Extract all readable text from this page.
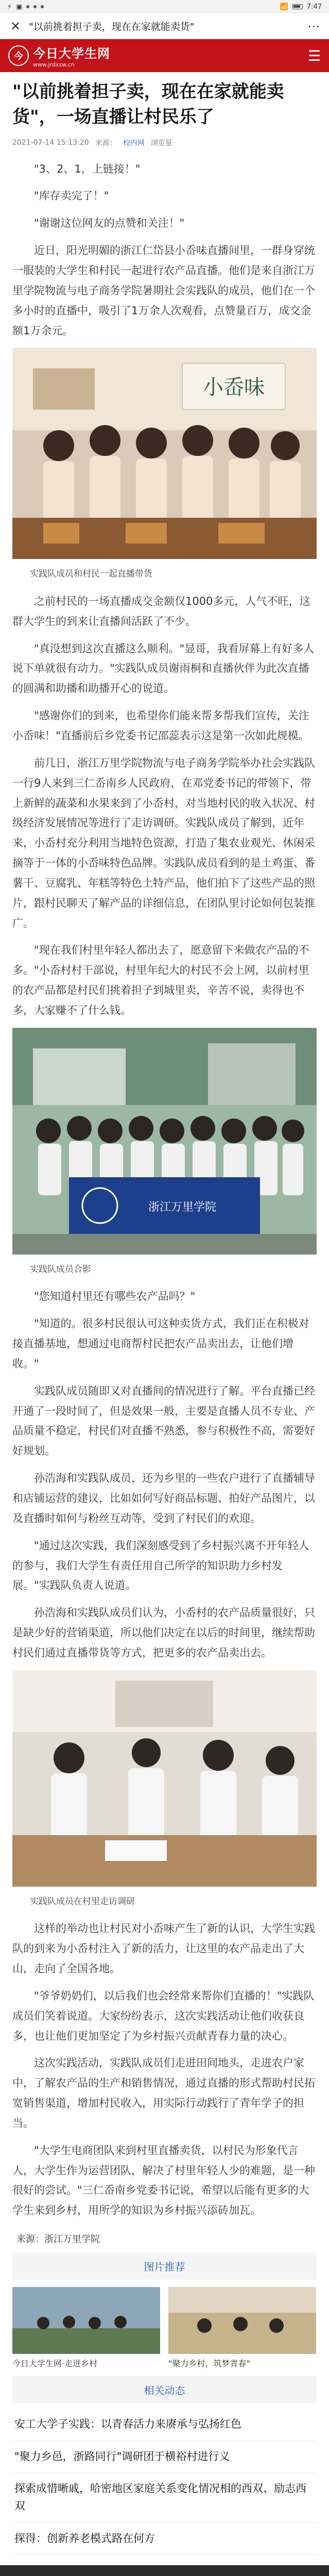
⚡ ▣	📶	7:47
✕ "以前挑着担子卖，现在在家就能卖货"	⋯
今 今日大学生网
www.jrdxsw.cn
☰
"以前挑着担子卖，现在在家就能卖货"，一场直播让村民乐了
2021-07-14 15:13:20 来源： 校内网 浏览量

"3、2、1，上链接！"

"库存卖完了！"

"谢谢这位网友的点赞和关注！"

近日，阳光明媚的浙江仁岱县小岙味直播间里，一群身穿统一服装的大学生和村民一起进行农产品直播。他们是来自浙江万里学院物流与电子商务学院暑期社会实践队的成员，他们在一个多小时的直播中，吸引了1万余人次观看，点赞量百万，成交金额1万余元。

小岙味

实践队成员和村民一起直播带货

之前村民的一场直播成交金额仅1000多元，人气不旺，这群大学生的到来让直播间活跃了不少。

"真没想到这次直播这么顺利。"显哥，我看屏幕上有好多人说下单就很有动力。"实践队成员谢雨桐和直播伙伴为此次直播的圆满和助播和助播开心的说道。

"感谢你们的到来，也希望你们能来帮多帮我们宣传，关注小岙味！"直播前后乡党委书记邵蕊表示这是第一次如此规模。

前几日，浙江万里学院物流与电子商务学院举办社会实践队一行9人来到三仁岙南乡人民政府，在邓党委书记的带领下，带上新鲜的蔬菜和水果来到了小岙村，对当地村民的收入状况、村级经济发展情况等进行了走访调研。实践队成员了解到，近年来，小岙村充分利用当地特色资源，打造了集农业观光、休闲采摘等于一体的小岙味特色品牌。实践队成员看到的是土鸡蛋、番薯干、豆腐乳、年糕等特色土特产品，他们拍下了这些产品的照片，跟村民聊天了解产品的详细信息，在团队里讨论如何包装推广。

"现在我们村里年轻人都出去了，愿意留下来做农产品的不多。"小岙村村干部说，村里年纪大的村民不会上网，以前村里的农产品都是村民们挑着担子到城里卖，辛苦不说，卖得也不多，大家赚不了什么钱。

浙江万里学院

实践队成员合影

"您知道村里还有哪些农产品吗？"

"知道的。很多村民很认可这种卖货方式，我们正在积极对接直播基地，想通过电商帮村民把农产品卖出去，让他们增收。"

实践队成员随即又对直播间的情况进行了解。平台直播已经开通了一段时间了，但是效果一般，主要是直播人员不专业、产品质量不稳定，村民们对直播不熟悉，参与积极性不高，需要好好规划。

孙浩海和实践队成员，还为乡里的一些农户进行了直播辅导和店铺运营的建议，比如如何写好商品标题、拍好产品图片，以及直播时如何与粉丝互动等，受到了村民们的欢迎。

"通过这次实践，我们深刻感受到了乡村振兴离不开年轻人的参与，我们大学生有责任用自己所学的知识助力乡村发展。"实践队负责人说道。

孙浩海和实践队成员们认为，小岙村的农产品质量很好，只是缺少好的营销渠道，所以他们决定在以后的时间里，继续帮助村民们通过直播带货等方式，把更多的农产品卖出去。

实践队成员在村里走访调研

这样的举动也让村民对小岙味产生了新的认识，大学生实践队的到来为小岙村注入了新的活力，让这里的农产品走出了大山，走向了全国各地。

"爷爷奶奶们，以后我们也会经常来帮你们直播的！"实践队成员们笑着说道。大家纷纷表示，这次实践活动让他们收获良多，也让他们更加坚定了为乡村振兴贡献青春力量的决心。

这次实践活动，实践队成员们走进田间地头，走进农户家中，了解农产品的生产和销售情况，通过直播的形式帮助村民拓宽销售渠道，增加村民收入，用实际行动践行了青年学子的担当。

"大学生电商团队来到村里直播卖货，以村民为形象代言人，大学生作为运营团队，解决了村里年轻人少的难题，是一种很好的尝试。"三仁岙南乡党委书记说，希望以后能有更多的大学生来到乡村，用所学的知识为乡村振兴添砖加瓦。

来源：浙江万里学院
图片推荐
今日大学生网·走进乡村	"聚力乡村，筑梦青春"
相关动态
安工大学子实践：以青春活力来赓承与弘扬红色
"聚力乡邑，浙路同行"调研团于横裕村进行义
探索成惜晰戚，哈密地区家庭关系变化情况相的西双、励志西双
探得：创新养老模式路在何方
